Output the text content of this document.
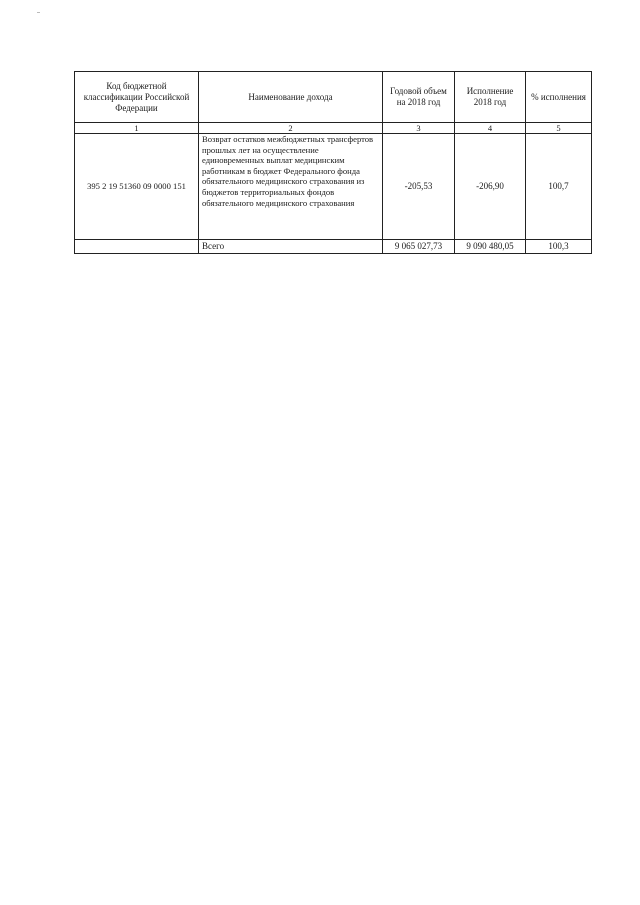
Код бюджетной классификации Российской Федерации	Наименование дохода	Годовой объем на 2018 год	Исполнение 2018 год	% исполнения
1	2	3	4	5
395 2 19 51360 09 0000 151	Возврат остатков межбюджетных трансфертов прошлых лет на осуществление единовременных выплат медицинским работникам в бюджет Федерального фонда обязательного медицинского страхования из бюджетов территориальных фондов обязательного медицинского страхования	-205,53	-206,90	100,7
	Всего	9 065 027,73	9 090 480,05	100,3
